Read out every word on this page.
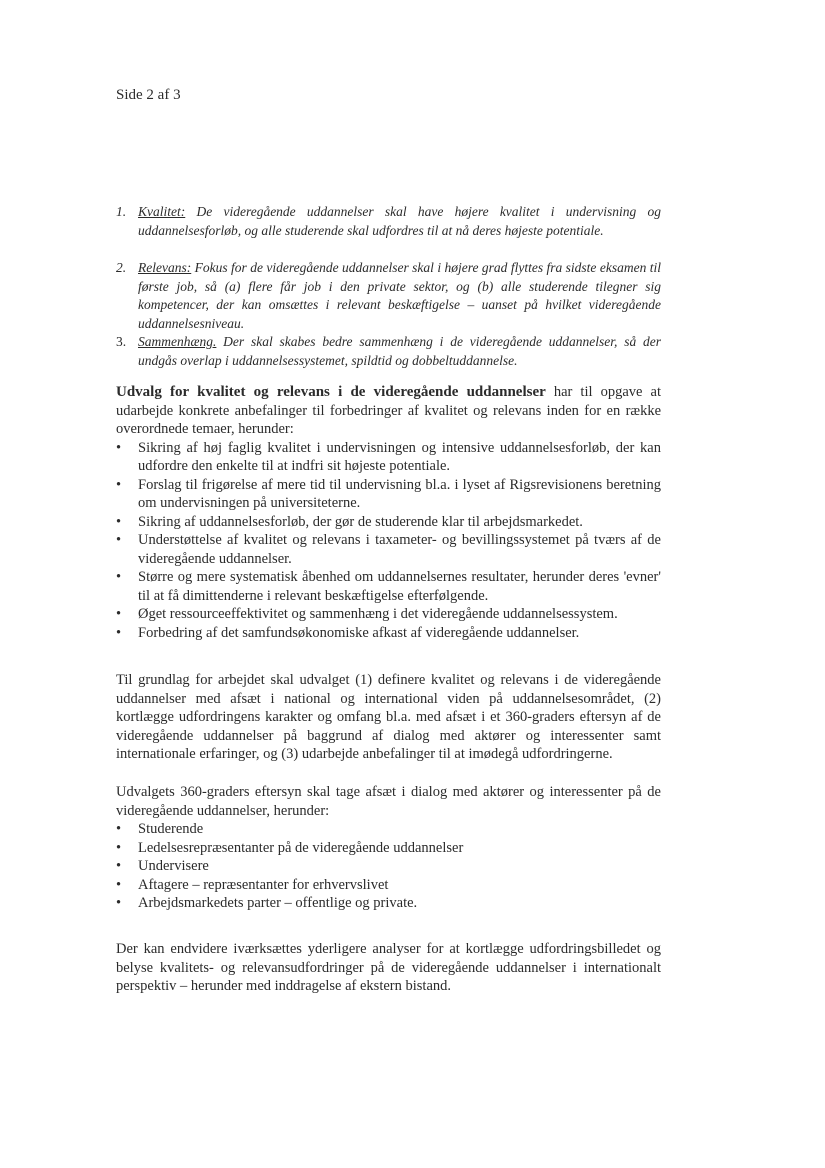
Side 2 af 3
1. Kvalitet: De videregående uddannelser skal have højere kvalitet i undervisning og uddannelsesforløb, og alle studerende skal udfordres til at nå deres højeste potentiale.
2. Relevans: Fokus for de videregående uddannelser skal i højere grad flyttes fra sidste eksamen til første job, så (a) flere får job i den private sektor, og (b) alle studerende tilegner sig kompetencer, der kan omsættes i relevant beskæftigelse – uanset på hvilket videregående uddannelsesniveau.
3. Sammenhæng. Der skal skabes bedre sammenhæng i de videregående uddannelser, så der undgås overlap i uddannelsessystemet, spildtid og dobbeltuddannelse.

Udvalg for kvalitet og relevans i de videregående uddannelser har til opgave at udarbejde konkrete anbefalinger til forbedringer af kvalitet og relevans inden for en række overordnede temaer, herunder:

• Sikring af høj faglig kvalitet i undervisningen og intensive uddannelsesforløb, der kan udfordre den enkelte til at indfri sit højeste potentiale.
• Forslag til frigørelse af mere tid til undervisning bl.a. i lyset af Rigsrevisionens beretning om undervisningen på universiteterne.
• Sikring af uddannelsesforløb, der gør de studerende klar til arbejdsmarkedet.
• Understøttelse af kvalitet og relevans i taxameter- og bevillingssystemet på tværs af de videregående uddannelser.
• Større og mere systematisk åbenhed om uddannelsernes resultater, herunder deres 'evner' til at få dimittenderne i relevant beskæftigelse efterfølgende.
• Øget ressourceeffektivitet og sammenhæng i det videregående uddannelsessystem.
• Forbedring af det samfundsøkonomiske afkast af videregående uddannelser.
Til grundlag for arbejdet skal udvalget (1) definere kvalitet og relevans i de videregående uddannelser med afsæt i national og international viden på uddannelsesområdet, (2) kortlægge udfordringens karakter og omfang bl.a. med afsæt i et 360-graders eftersyn af de videregående uddannelser på baggrund af dialog med aktører og interessenter samt internationale erfaringer, og (3) udarbejde anbefalinger til at imødegå udfordringerne.

Udvalgets 360-graders eftersyn skal tage afsæt i dialog med aktører og interessenter på de videregående uddannelser, herunder:

• Studerende
• Ledelsesrepræsentanter på de videregående uddannelser
• Undervisere
• Aftagere – repræsentanter for erhvervslivet
• Arbejdsmarkedets parter – offentlige og private.
Der kan endvidere iværksættes yderligere analyser for at kortlægge udfordringsbilledet og belyse kvalitets- og relevansudfordringer på de videregående uddannelser i internationalt perspektiv – herunder med inddragelse af ekstern bistand.
